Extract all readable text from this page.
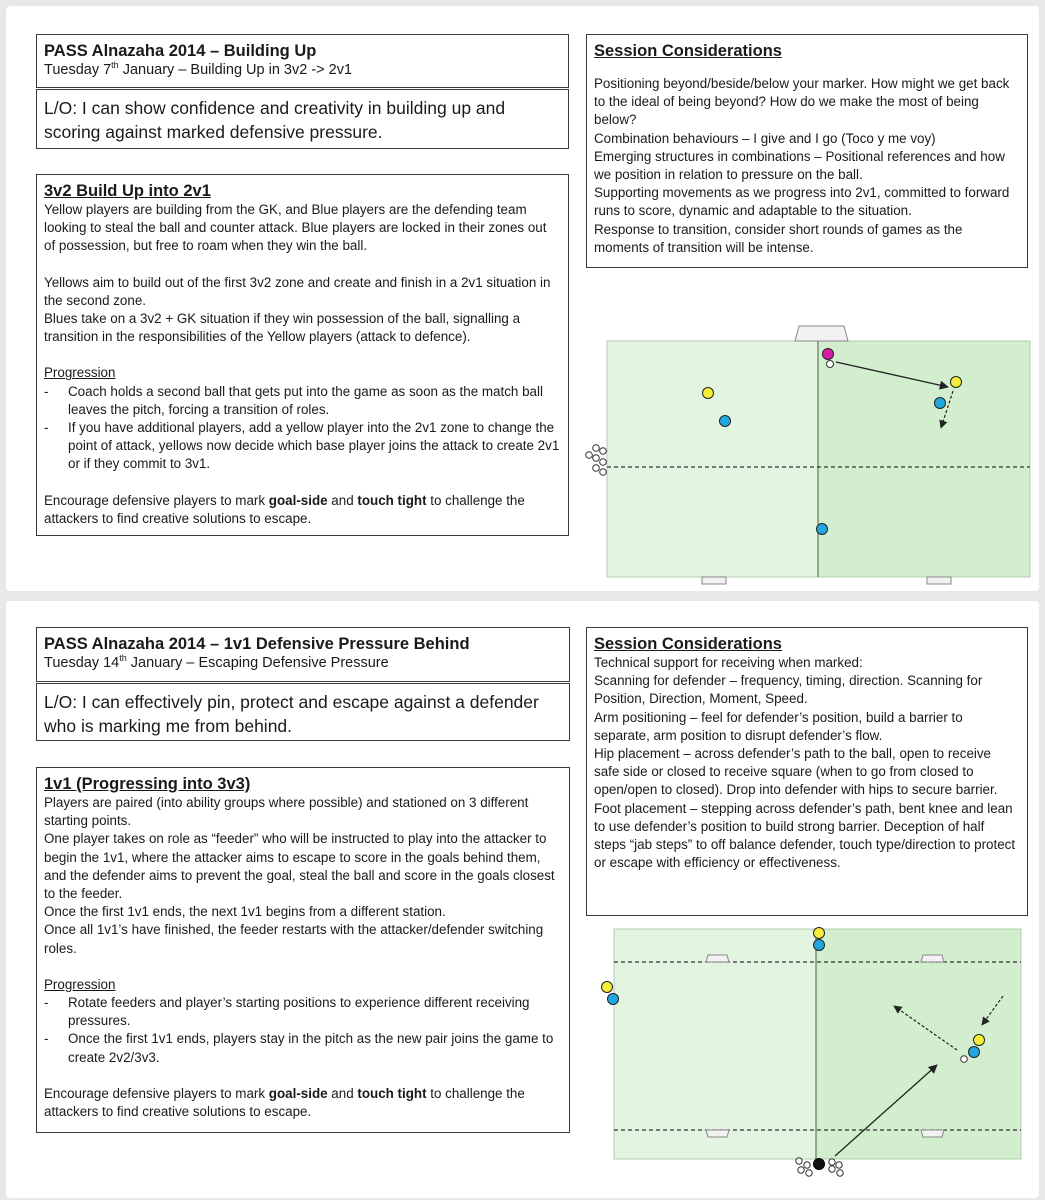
PASS Alnazaha 2014 – Building Up
Tuesday 7th January – Building Up in 3v2 -> 2v1
L/O: I can show confidence and creativity in building up and scoring against marked defensive pressure.
3v2 Build Up into 2v1

Yellow players are building from the GK, and Blue players are the defending team looking to steal the ball and counter attack. Blue players are locked in their zones out of possession, but free to roam when they win the ball.

Yellows aim to build out of the first 3v2 zone and create and finish in a 2v1 situation in the second zone.

Blues take on a 3v2 + GK situation if they win possession of the ball, signalling a transition in the responsibilities of the Yellow players (attack to defence).

Progression

- Coach holds a second ball that gets put into the game as soon as the match ball leaves the pitch, forcing a transition of roles.
- If you have additional players, add a yellow player into the 2v1 zone to change the point of attack, yellows now decide which base player joins the attack to create 2v1 or if they commit to 3v1.

Encourage defensive players to mark goal-side and touch tight to challenge the attackers to find creative solutions to escape.

Session Considerations

Positioning beyond/beside/below your marker. How might we get back to the ideal of being beyond? How do we make the most of being below?

Combination behaviours – I give and I go (Toco y me voy)

Emerging structures in combinations – Positional references and how we position in relation to pressure on the ball.

Supporting movements as we progress into 2v1, committed to forward runs to score, dynamic and adaptable to the situation.

Response to transition, consider short rounds of games as the moments of transition will be intense.

PASS Alnazaha 2014 – 1v1 Defensive Pressure Behind
Tuesday 14th January – Escaping Defensive Pressure
L/O: I can effectively pin, protect and escape against a defender who is marking me from behind.
1v1 (Progressing into 3v3)

Players are paired (into ability groups where possible) and stationed on 3 different starting points.

One player takes on role as “feeder” who will be instructed to play into the attacker to begin the 1v1, where the attacker aims to escape to score in the goals behind them, and the defender aims to prevent the goal, steal the ball and score in the goals closest to the feeder.

Once the first 1v1 ends, the next 1v1 begins from a different station.

Once all 1v1’s have finished, the feeder restarts with the attacker/defender switching roles.

Progression

- Rotate feeders and player’s starting positions to experience different receiving pressures.
- Once the first 1v1 ends, players stay in the pitch as the new pair joins the game to create 2v2/3v3.

Encourage defensive players to mark goal-side and touch tight to challenge the attackers to find creative solutions to escape.

Session Considerations

Technical support for receiving when marked:

Scanning for defender – frequency, timing, direction. Scanning for Position, Direction, Moment, Speed.

Arm positioning – feel for defender’s position, build a barrier to separate, arm position to disrupt defender’s flow.

Hip placement – across defender’s path to the ball, open to receive safe side or closed to receive square (when to go from closed to open/open to closed). Drop into defender with hips to secure barrier.

Foot placement – stepping across defender’s path, bent knee and lean to use defender’s position to build strong barrier. Deception of half steps “jab steps” to off balance defender, touch type/direction to protect or escape with efficiency or effectiveness.
